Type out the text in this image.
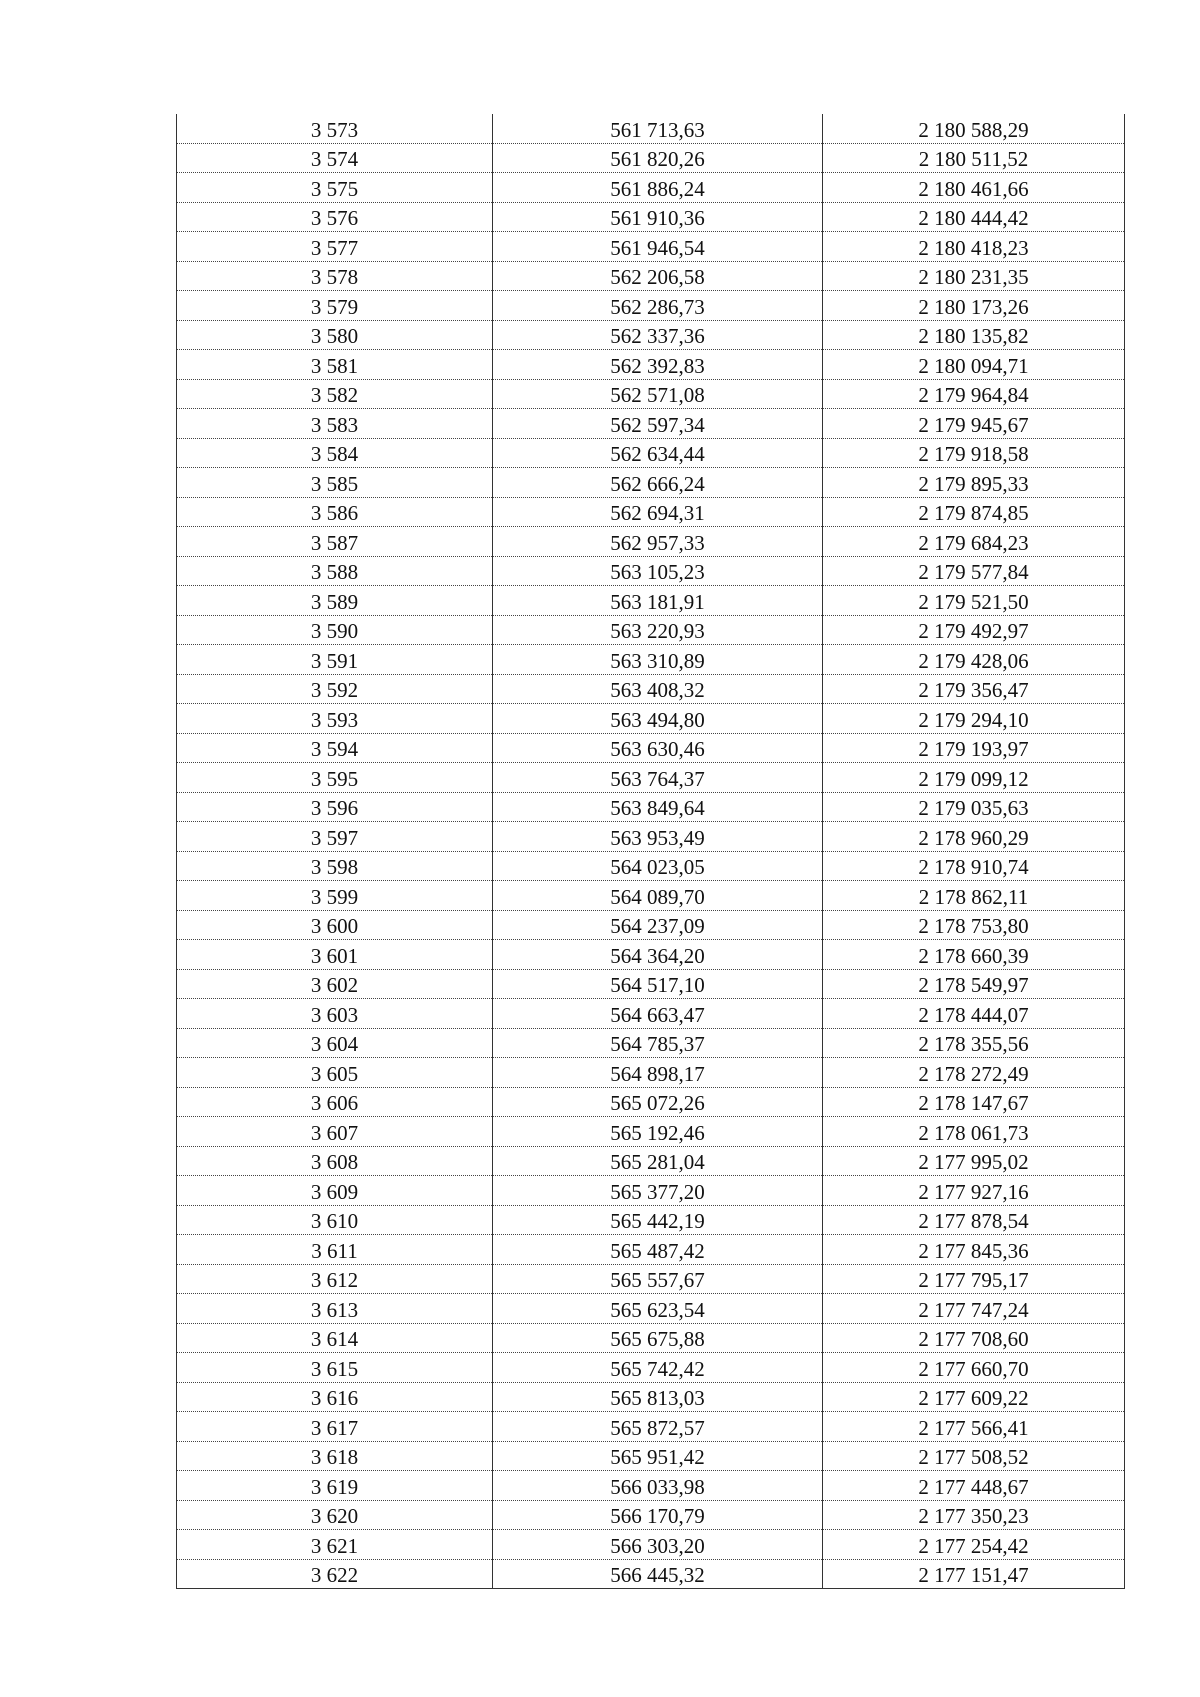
3 573	561 713,63	2 180 588,29
3 574	561 820,26	2 180 511,52
3 575	561 886,24	2 180 461,66
3 576	561 910,36	2 180 444,42
3 577	561 946,54	2 180 418,23
3 578	562 206,58	2 180 231,35
3 579	562 286,73	2 180 173,26
3 580	562 337,36	2 180 135,82
3 581	562 392,83	2 180 094,71
3 582	562 571,08	2 179 964,84
3 583	562 597,34	2 179 945,67
3 584	562 634,44	2 179 918,58
3 585	562 666,24	2 179 895,33
3 586	562 694,31	2 179 874,85
3 587	562 957,33	2 179 684,23
3 588	563 105,23	2 179 577,84
3 589	563 181,91	2 179 521,50
3 590	563 220,93	2 179 492,97
3 591	563 310,89	2 179 428,06
3 592	563 408,32	2 179 356,47
3 593	563 494,80	2 179 294,10
3 594	563 630,46	2 179 193,97
3 595	563 764,37	2 179 099,12
3 596	563 849,64	2 179 035,63
3 597	563 953,49	2 178 960,29
3 598	564 023,05	2 178 910,74
3 599	564 089,70	2 178 862,11
3 600	564 237,09	2 178 753,80
3 601	564 364,20	2 178 660,39
3 602	564 517,10	2 178 549,97
3 603	564 663,47	2 178 444,07
3 604	564 785,37	2 178 355,56
3 605	564 898,17	2 178 272,49
3 606	565 072,26	2 178 147,67
3 607	565 192,46	2 178 061,73
3 608	565 281,04	2 177 995,02
3 609	565 377,20	2 177 927,16
3 610	565 442,19	2 177 878,54
3 611	565 487,42	2 177 845,36
3 612	565 557,67	2 177 795,17
3 613	565 623,54	2 177 747,24
3 614	565 675,88	2 177 708,60
3 615	565 742,42	2 177 660,70
3 616	565 813,03	2 177 609,22
3 617	565 872,57	2 177 566,41
3 618	565 951,42	2 177 508,52
3 619	566 033,98	2 177 448,67
3 620	566 170,79	2 177 350,23
3 621	566 303,20	2 177 254,42
3 622	566 445,32	2 177 151,47
